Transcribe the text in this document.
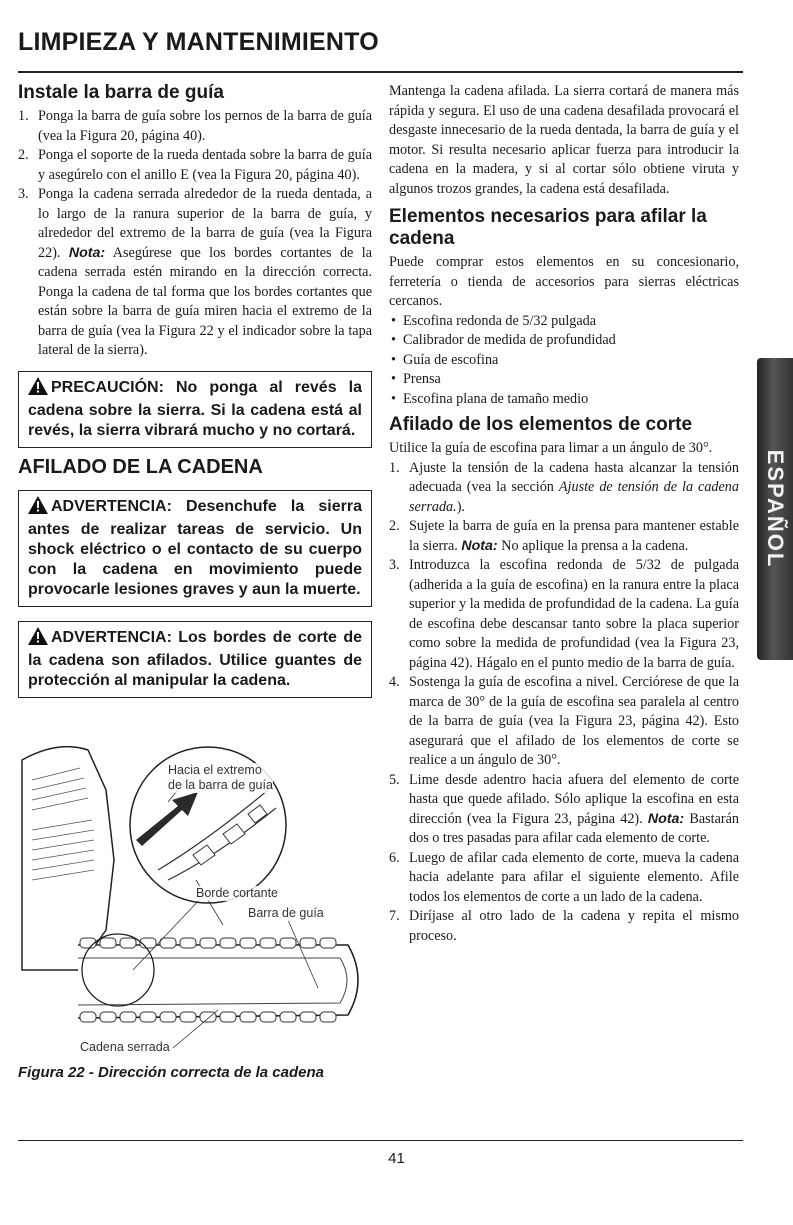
LIMPIEZA Y MANTENIMIENTO
Instale la barra de guía
1. Ponga la barra de guía sobre los pernos de la barra de guía (vea la Figura 20, página 40).
2. Ponga el soporte de la rueda dentada sobre la barra de guía y asegúrelo con el anillo E (vea la Figura 20, página 40).
3. Ponga la cadena serrada alrededor de la rueda dentada, a lo largo de la ranura superior de la barra de guía, y alrededor del extremo de la barra de guía (vea la Figura 22). Nota: Asegúrese que los bordes cortantes de la cadena serrada estén mirando en la dirección correcta. Ponga la cadena de tal forma que los bordes cortantes que están sobre la barra de guía miren hacia el extremo de la barra de guía (vea la Figura 22 y el indicador sobre la tapa lateral de la sierra).
PRECAUCIÓN: No ponga al revés la cadena sobre la sierra. Si la cadena está al revés, la sierra vibrará mucho y no cortará.
AFILADO DE LA CADENA
ADVERTENCIA: Desenchufe la sierra antes de realizar tareas de servicio. Un shock eléctrico o el contacto de su cuerpo con la cadena en movimiento puede provocarle lesiones graves y aun la muerte.
ADVERTENCIA: Los bordes de corte de la cadena son afilados. Utilice guantes de protección al manipular la cadena.
Hacia el extremo
de la barra de guía
Borde cortante
Barra de guía
Cadena serrada
Figura 22 - Dirección correcta de la cadena

Mantenga la cadena afilada. La sierra cortará de manera más rápida y segura. El uso de una cadena desafilada provocará el desgaste innecesario de la rueda dentada, la barra de guía y el motor. Si resulta necesario aplicar fuerza para introducir la cadena en la madera, y si al cortar sólo obtiene viruta y algunos trozos grandes, la cadena está desafilada.

Elementos necesarios para afilar la cadena

Puede comprar estos elementos en su concesionario, ferretería o tienda de accesorios para sierras eléctricas cercanos.

• Escofina redonda de 5/32 pulgada
• Calibrador de medida de profundidad
• Guía de escofina
• Prensa
• Escofina plana de tamaño medio
Afilado de los elementos de corte

Utilice la guía de escofina para limar a un ángulo de 30°.

1. Ajuste la tensión de la cadena hasta alcanzar la tensión adecuada (vea la sección Ajuste de tensión de la cadena serrada.).
2. Sujete la barra de guía en la prensa para mantener estable la sierra. Nota: No aplique la prensa a la cadena.
3. Introduzca la escofina redonda de 5/32 de pulgada (adherida a la guía de escofina) en la ranura entre la placa superior y la medida de profundidad de la cadena. La guía de escofina debe descansar tanto sobre la placa superior como sobre la medida de profundidad (vea la Figura 23, página 42). Hágalo en el punto medio de la barra de guía.
4. Sostenga la guía de escofina a nivel. Cerciórese de que la marca de 30° de la guía de escofina sea paralela al centro de la barra de guía (vea la Figura 23, página 42). Esto asegurará que el afilado de los elementos de corte se realice a un ángulo de 30°.
5. Lime desde adentro hacia afuera del elemento de corte hasta que quede afilado. Sólo aplique la escofina en esta dirección (vea la Figura 23, página 42). Nota: Bastarán dos o tres pasadas para afilar cada elemento de corte.
6. Luego de afilar cada elemento de corte, mueva la cadena hacia adelante para afilar el siguiente elemento. Afile todos los elementos de corte a un lado de la cadena.
7. Diríjase al otro lado de la cadena y repita el mismo proceso.
ESPAÑOL
41
